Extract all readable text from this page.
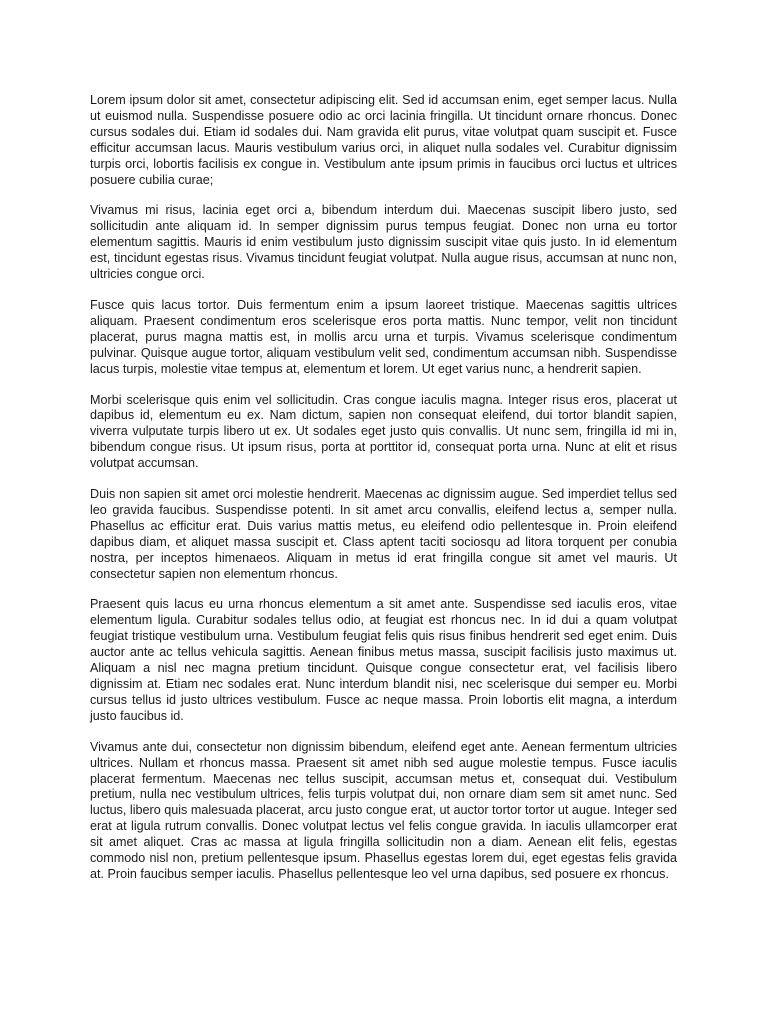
Lorem ipsum dolor sit amet, consectetur adipiscing elit. Sed id accumsan enim, eget semper lacus. Nulla ut euismod nulla. Suspendisse posuere odio ac orci lacinia fringilla. Ut tincidunt ornare rhoncus. Donec cursus sodales dui. Etiam id sodales dui. Nam gravida elit purus, vitae volutpat quam suscipit et. Fusce efficitur accumsan lacus. Mauris vestibulum varius orci, in aliquet nulla sodales vel. Curabitur dignissim turpis orci, lobortis facilisis ex congue in. Vestibulum ante ipsum primis in faucibus orci luctus et ultrices posuere cubilia curae;

Vivamus mi risus, lacinia eget orci a, bibendum interdum dui. Maecenas suscipit libero justo, sed sollicitudin ante aliquam id. In semper dignissim purus tempus feugiat. Donec non urna eu tortor elementum sagittis. Mauris id enim vestibulum justo dignissim suscipit vitae quis justo. In id elementum est, tincidunt egestas risus. Vivamus tincidunt feugiat volutpat. Nulla augue risus, accumsan at nunc non, ultricies congue orci.

Fusce quis lacus tortor. Duis fermentum enim a ipsum laoreet tristique. Maecenas sagittis ultrices aliquam. Praesent condimentum eros scelerisque eros porta mattis. Nunc tempor, velit non tincidunt placerat, purus magna mattis est, in mollis arcu urna et turpis. Vivamus scelerisque condimentum pulvinar. Quisque augue tortor, aliquam vestibulum velit sed, condimentum accumsan nibh. Suspendisse lacus turpis, molestie vitae tempus at, elementum et lorem. Ut eget varius nunc, a hendrerit sapien.

Morbi scelerisque quis enim vel sollicitudin. Cras congue iaculis magna. Integer risus eros, placerat ut dapibus id, elementum eu ex. Nam dictum, sapien non consequat eleifend, dui tortor blandit sapien, viverra vulputate turpis libero ut ex. Ut sodales eget justo quis convallis. Ut nunc sem, fringilla id mi in, bibendum congue risus. Ut ipsum risus, porta at porttitor id, consequat porta urna. Nunc at elit et risus volutpat accumsan.

Duis non sapien sit amet orci molestie hendrerit. Maecenas ac dignissim augue. Sed imperdiet tellus sed leo gravida faucibus. Suspendisse potenti. In sit amet arcu convallis, eleifend lectus a, semper nulla. Phasellus ac efficitur erat. Duis varius mattis metus, eu eleifend odio pellentesque in. Proin eleifend dapibus diam, et aliquet massa suscipit et. Class aptent taciti sociosqu ad litora torquent per conubia nostra, per inceptos himenaeos. Aliquam in metus id erat fringilla congue sit amet vel mauris. Ut consectetur sapien non elementum rhoncus.

Praesent quis lacus eu urna rhoncus elementum a sit amet ante. Suspendisse sed iaculis eros, vitae elementum ligula. Curabitur sodales tellus odio, at feugiat est rhoncus nec. In id dui a quam volutpat feugiat tristique vestibulum urna. Vestibulum feugiat felis quis risus finibus hendrerit sed eget enim. Duis auctor ante ac tellus vehicula sagittis. Aenean finibus metus massa, suscipit facilisis justo maximus ut. Aliquam a nisl nec magna pretium tincidunt. Quisque congue consectetur erat, vel facilisis libero dignissim at. Etiam nec sodales erat. Nunc interdum blandit nisi, nec scelerisque dui semper eu. Morbi cursus tellus id justo ultrices vestibulum. Fusce ac neque massa. Proin lobortis elit magna, a interdum justo faucibus id.

Vivamus ante dui, consectetur non dignissim bibendum, eleifend eget ante. Aenean fermentum ultricies ultrices. Nullam et rhoncus massa. Praesent sit amet nibh sed augue molestie tempus. Fusce iaculis placerat fermentum. Maecenas nec tellus suscipit, accumsan metus et, consequat dui. Vestibulum pretium, nulla nec vestibulum ultrices, felis turpis volutpat dui, non ornare diam sem sit amet nunc. Sed luctus, libero quis malesuada placerat, arcu justo congue erat, ut auctor tortor tortor ut augue. Integer sed erat at ligula rutrum convallis. Donec volutpat lectus vel felis congue gravida. In iaculis ullamcorper erat sit amet aliquet. Cras ac massa at ligula fringilla sollicitudin non a diam. Aenean elit felis, egestas commodo nisl non, pretium pellentesque ipsum. Phasellus egestas lorem dui, eget egestas felis gravida at. Proin faucibus semper iaculis. Phasellus pellentesque leo vel urna dapibus, sed posuere ex rhoncus.
